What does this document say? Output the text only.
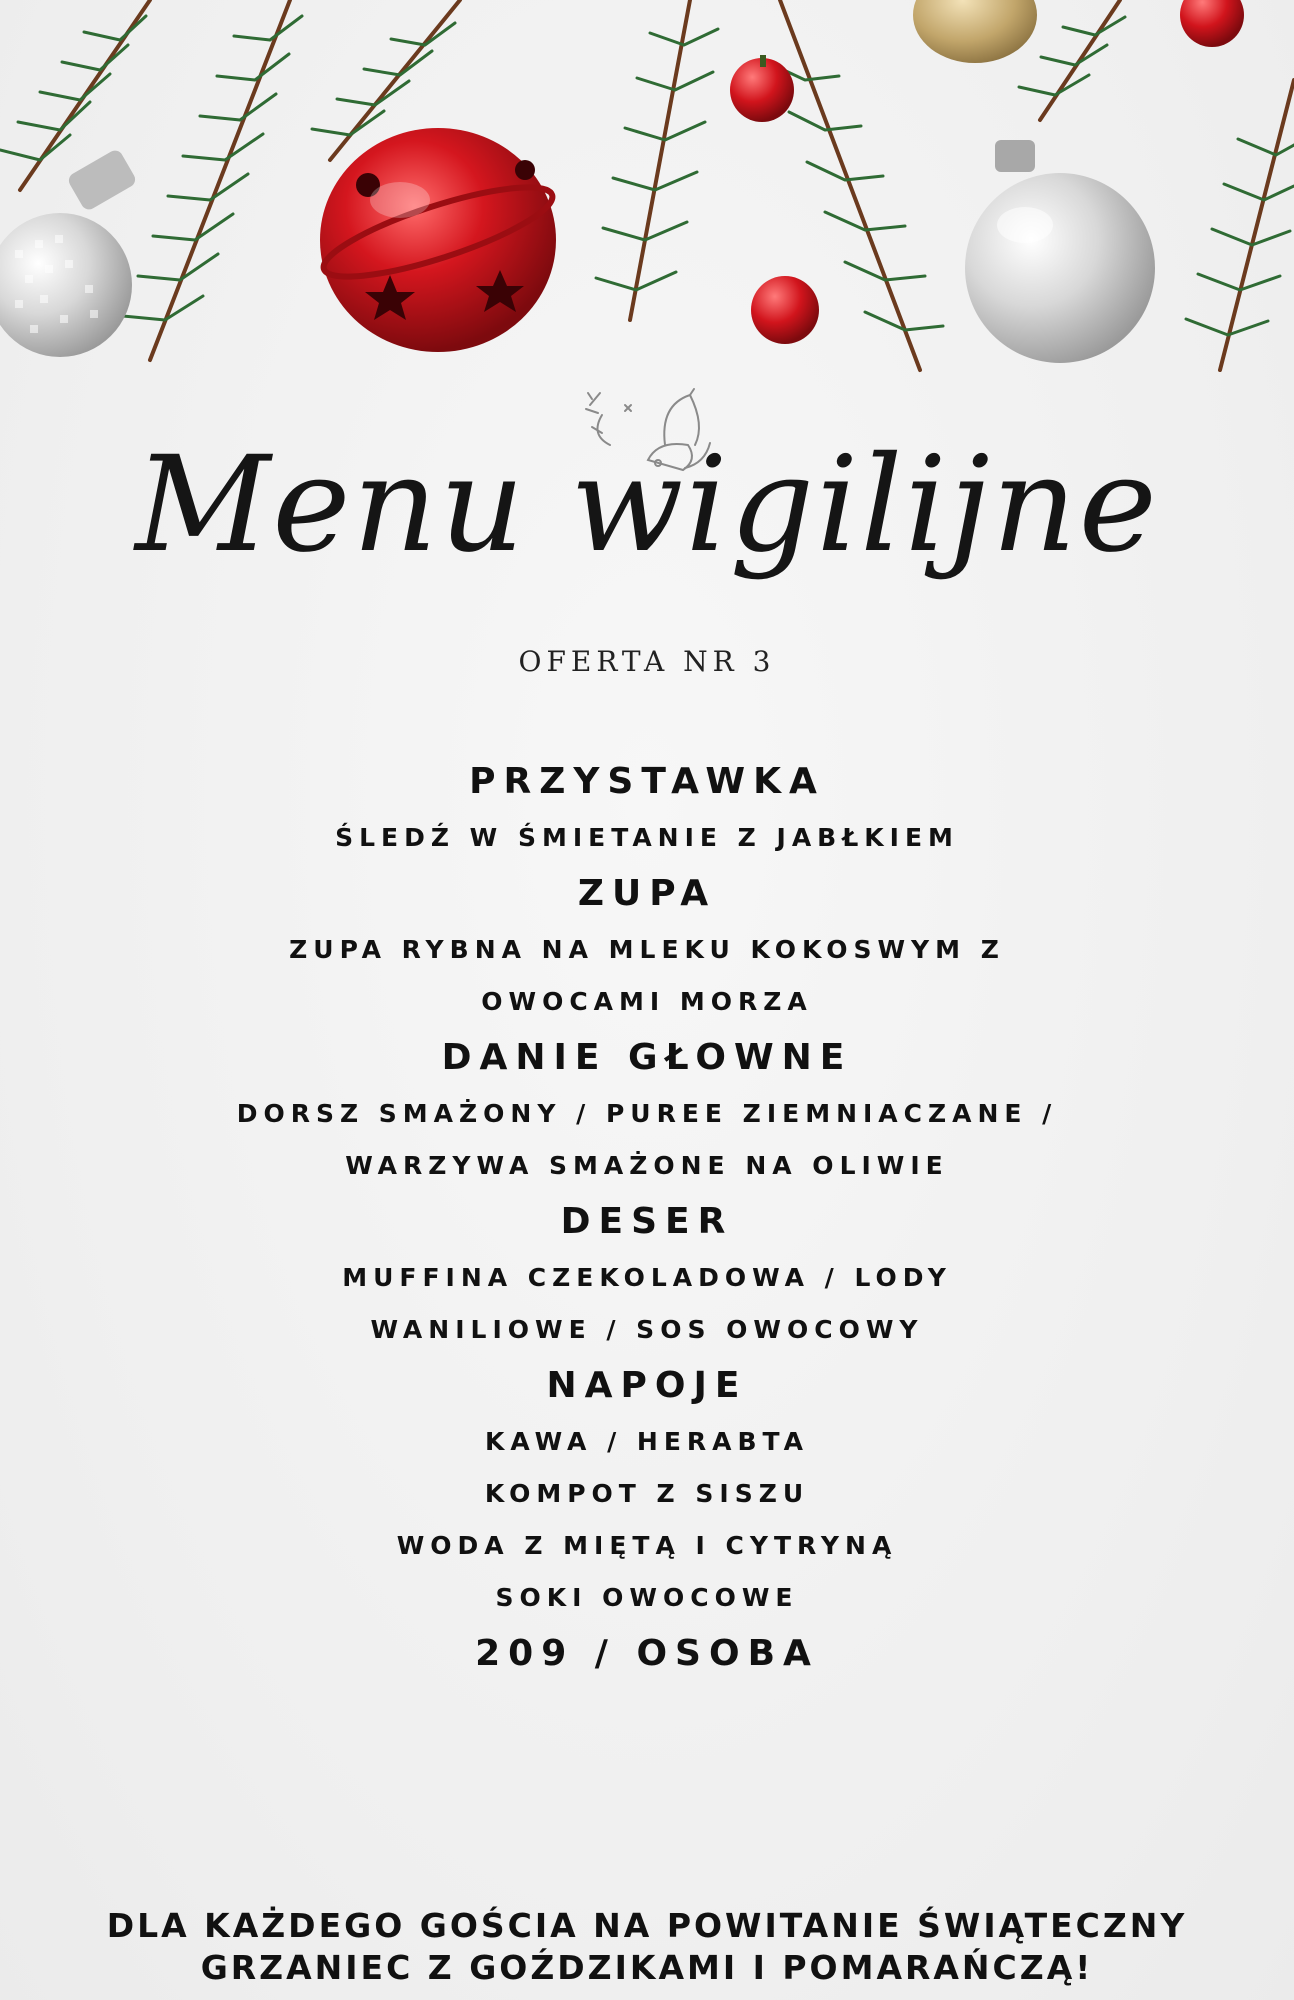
Menu wigilijne
OFERTA NR 3

PRZYSTAWKA

ŚLEDŹ W ŚMIETANIE Z JABŁKIEM

ZUPA

ZUPA RYBNA NA MLEKU KOKOSWYM Z

OWOCAMI MORZA

DANIE GŁOWNE

DORSZ SMAŻONY / PUREE ZIEMNIACZANE /

WARZYWA SMAŻONE NA OLIWIE

DESER

MUFFINA CZEKOLADOWA / LODY

WANILIOWE / SOS OWOCOWY

NAPOJE

KAWA / HERABTA

KOMPOT Z SISZU

WODA Z MIĘTĄ I CYTRYNĄ

SOKI OWOCOWE

209 / OSOBA

DLA KAŻDEGO GOŚCIA NA POWITANIE ŚWIĄTECZNY
GRZANIEC Z GOŹDZIKAMI I POMARAŃCZĄ!
